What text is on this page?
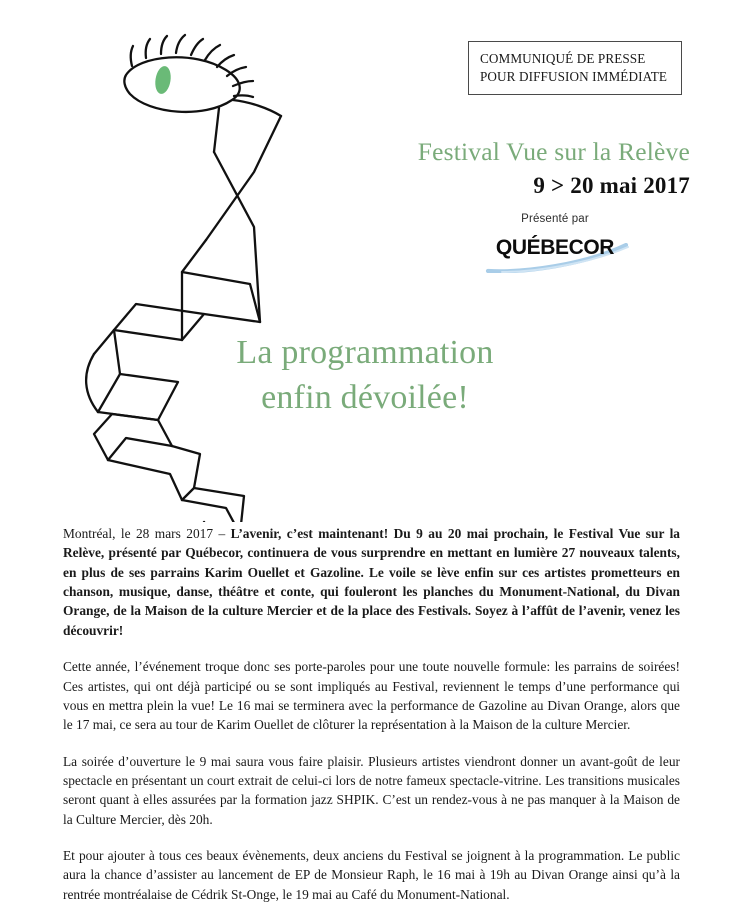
COMMUNIQUÉ DE PRESSE
POUR DIFFUSION IMMÉDIATE
Festival Vue sur la Relève
9 > 20 mai 2017
Présenté par
QUÉBECOR
La programmation
enfin dévoilée!

Montréal, le 28 mars 2017 – L’avenir, c’est maintenant! Du 9 au 20 mai prochain, le Festival Vue sur la Relève, présenté par Québecor, continuera de vous surprendre en mettant en lumière 27 nouveaux talents, en plus de ses parrains Karim Ouellet et Gazoline. Le voile se lève enfin sur ces artistes prometteurs en chanson, musique, danse, théâtre et conte, qui fouleront les planches du Monument-National, du Divan Orange, de la Maison de la culture Mercier et de la place des Festivals. Soyez à l’affût de l’avenir, venez les découvrir!

Cette année, l’événement troque donc ses porte-paroles pour une toute nouvelle formule: les parrains de soirées! Ces artistes, qui ont déjà participé ou se sont impliqués au Festival, reviennent le temps d’une performance qui vous en mettra plein la vue! Le 16 mai se terminera avec la performance de Gazoline au Divan Orange, alors que le 17 mai, ce sera au tour de Karim Ouellet de clôturer la représentation à la Maison de la culture Mercier.

La soirée d’ouverture le 9 mai saura vous faire plaisir. Plusieurs artistes viendront donner un avant-goût de leur spectacle en présentant un court extrait de celui-ci lors de notre fameux spectacle-vitrine. Les transitions musicales seront quant à elles assurées par la formation jazz SHPIK. C’est un rendez-vous à ne pas manquer à la Maison de la Culture Mercier, dès 20h.

Et pour ajouter à tous ces beaux évènements, deux anciens du Festival se joignent à la programmation. Le public aura la chance d’assister au lancement de EP de Monsieur Raph, le 16 mai à 19h au Divan Orange ainsi qu’à la rentrée montréalaise de Cédrik St-Onge, le 19 mai au Café du Monument-National.
